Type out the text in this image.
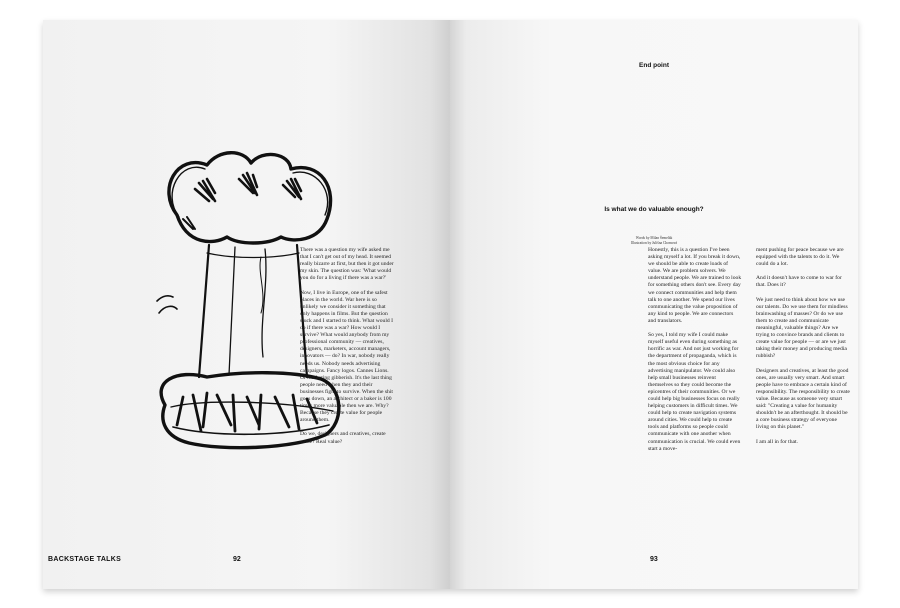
BACKSTAGE TALKS	92
End point
Is what we do valuable enough?
Words by Milan Šemelák
Illustration by Julišna Chomová

There was a question my wife asked me that I can't get out of my head. It seemed really bizarre at first, but then it got under my skin. The question was: 'What would you do for a living if there was a war?'

Now, I live in Europe, one of the safest places in the world. War here is so unlikely we consider it something that only happens in films. But the question stuck and I started to think. What would I do if there was a war? How would I survive? What would anybody from my professional community — creatives, designers, marketers, account managers, innovators — do? In war, nobody really needs us. Nobody needs advertising campaigns. Fancy logos. Cannes Lions. Or marketing gibberish. It's the last thing people need when they and their businesses fight to survive. When the shit goes down, an architect or a baker is 100 times more valuable then we are. Why? Because they create value for people around them.

Do we, designers and creatives, create value? Real value?

Honestly, this is a question I've been asking myself a lot. If you break it down, we should be able to create loads of value. We are problem solvers. We understand people. We are trained to look for something others don't see. Every day we connect communities and help them talk to one another. We spend our lives communicating the value proposition of any kind to people. We are connectors and translators.

So yes, I told my wife I could make myself useful even during something as horrific as war. And not just working for the department of propaganda, which is the most obvious choice for any advertising manipulator. We could also help small businesses reinvent themselves so they could become the epicentres of their communities. Or we could help big businesses focus on really helping customers in difficult times. We could help to create navigation systems around cities. We could help to create tools and platforms so people could communicate with one another when communication is crucial. We could even start a move-

ment pushing for peace because we are equipped with the talents to do it. We could do a lot.

And it doesn't have to come to war for that. Does it?

We just need to think about how we use our talents. Do we use them for mindless brainwashing of masses? Or do we use them to create and communicate meaningful, valuable things? Are we trying to convince brands and clients to create value for people — or are we just taking their money and producing media rubbish?

Designers and creatives, at least the good ones, are usually very smart. And smart people have to embrace a certain kind of responsibility. The responsibility to create value. Because as someone very smart said: "Creating a value for humanity shouldn't be an afterthought. It should be a core business strategy of everyone living on this planet."

I am all in for that.

93
